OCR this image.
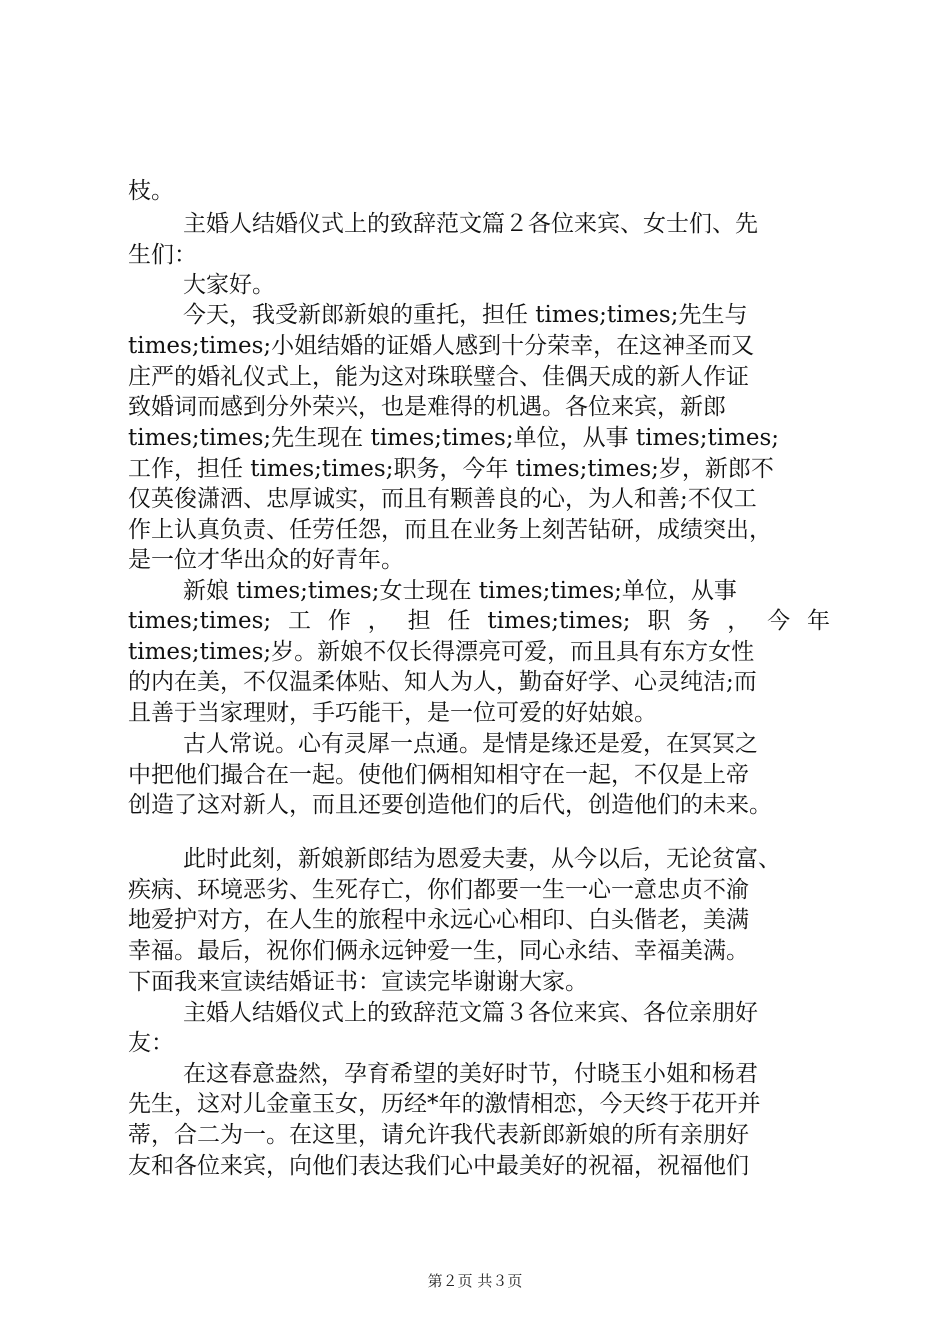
枝。
主婚人结婚仪式上的致辞范文篇２各位来宾、女士们、先
生们：
大家好。
今天，我受新郎新娘的重托，担任 times;times;先生与
times;times;小姐结婚的证婚人感到十分荣幸，在这神圣而又
庄严的婚礼仪式上，能为这对珠联璧合、佳偶天成的新人作证
致婚词而感到分外荣兴，也是难得的机遇。各位来宾，新郎
times;times;先生现在 times;times;单位，从事 times;times;
工作，担任 times;times;职务，今年 times;times;岁，新郎不
仅英俊潇洒、忠厚诚实，而且有颗善良的心，为人和善;不仅工
作上认真负责、任劳任怨，而且在业务上刻苦钻研，成绩突出，
是一位才华出众的好青年。
新娘 times;times;女士现在 times;times;单位，从事
times;times; 工 作 ， 担 任 times;times; 职 务 ， 今 年
times;times;岁。新娘不仅长得漂亮可爱，而且具有东方女性
的内在美，不仅温柔体贴、知人为人，勤奋好学、心灵纯洁;而
且善于当家理财，手巧能干，是一位可爱的好姑娘。
古人常说。心有灵犀一点通。是情是缘还是爱，在冥冥之
中把他们撮合在一起。使他们俩相知相守在一起，不仅是上帝
创造了这对新人，而且还要创造他们的后代，创造他们的未来。
此时此刻，新娘新郎结为恩爱夫妻，从今以后，无论贫富、
疾病、环境恶劣、生死存亡，你们都要一生一心一意忠贞不渝
地爱护对方，在人生的旅程中永远心心相印、白头偕老，美满
幸福。最后，祝你们俩永远钟爱一生，同心永结、幸福美满。
下面我来宣读结婚证书：宣读完毕谢谢大家。
主婚人结婚仪式上的致辞范文篇３各位来宾、各位亲朋好
友：
在这春意盎然，孕育希望的美好时节，付晓玉小姐和杨君
先生，这对儿金童玉女，历经*年的激情相恋，今天终于花开并
蒂，合二为一。在这里，请允许我代表新郎新娘的所有亲朋好
友和各位来宾，向他们表达我们心中最美好的祝福，祝福他们
第２页 共３页
